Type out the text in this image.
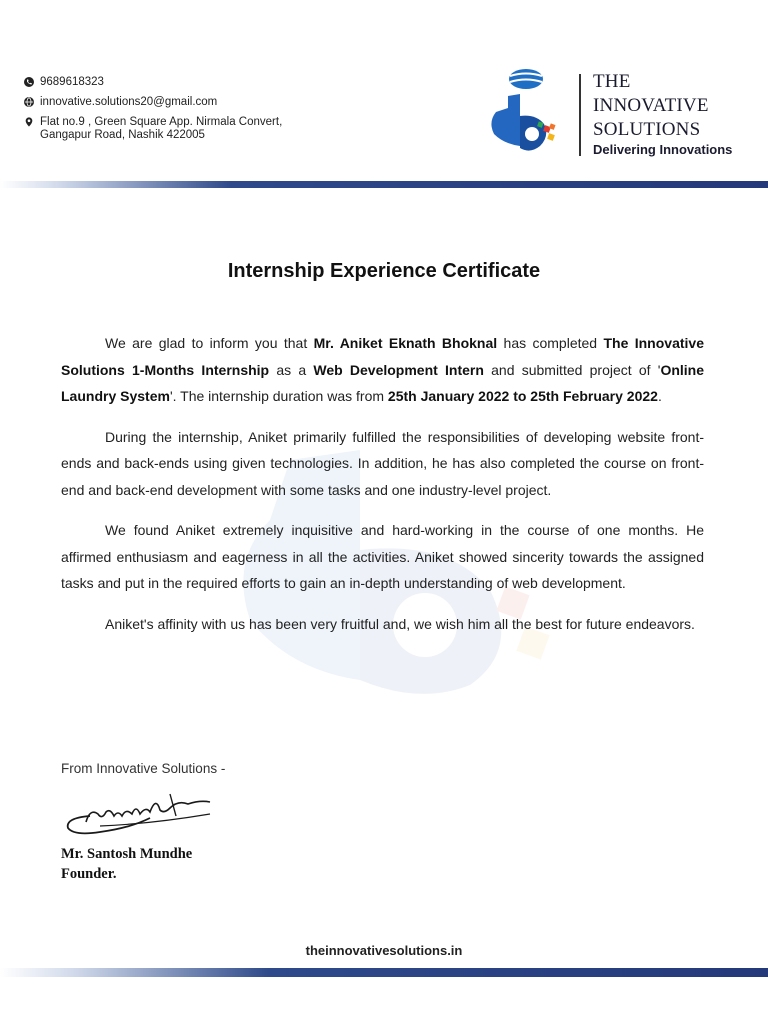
9689618323
innovative.solutions20@gmail.com
Flat no.9 , Green Square App. Nirmala Convert,
Gangapur Road, Nashik 422005
THE
INNOVATIVE
SOLUTIONS
Delivering Innovations
Internship Experience Certificate

We are glad to inform you that Mr. Aniket Eknath Bhoknal has completed The Innovative Solutions 1-Months Internship as a Web Development Intern and submitted project of 'Online Laundry System'. The internship duration was from 25th January 2022 to 25th February 2022.

During the internship, Aniket primarily fulfilled the responsibilities of developing website front-ends and back-ends using given technologies. In addition, he has also completed the course on front-end and back-end development with some tasks and one industry-level project.

We found Aniket extremely inquisitive and hard-working in the course of one months. He affirmed enthusiasm and eagerness in all the activities. Aniket showed sincerity towards the assigned tasks and put in the required efforts to gain an in-depth understanding of web development.

Aniket's affinity with us has been very fruitful and, we wish him all the best for future endeavors.

From Innovative Solutions -
Mr. Santosh Mundhe
Founder.
theinnovativesolutions.in
